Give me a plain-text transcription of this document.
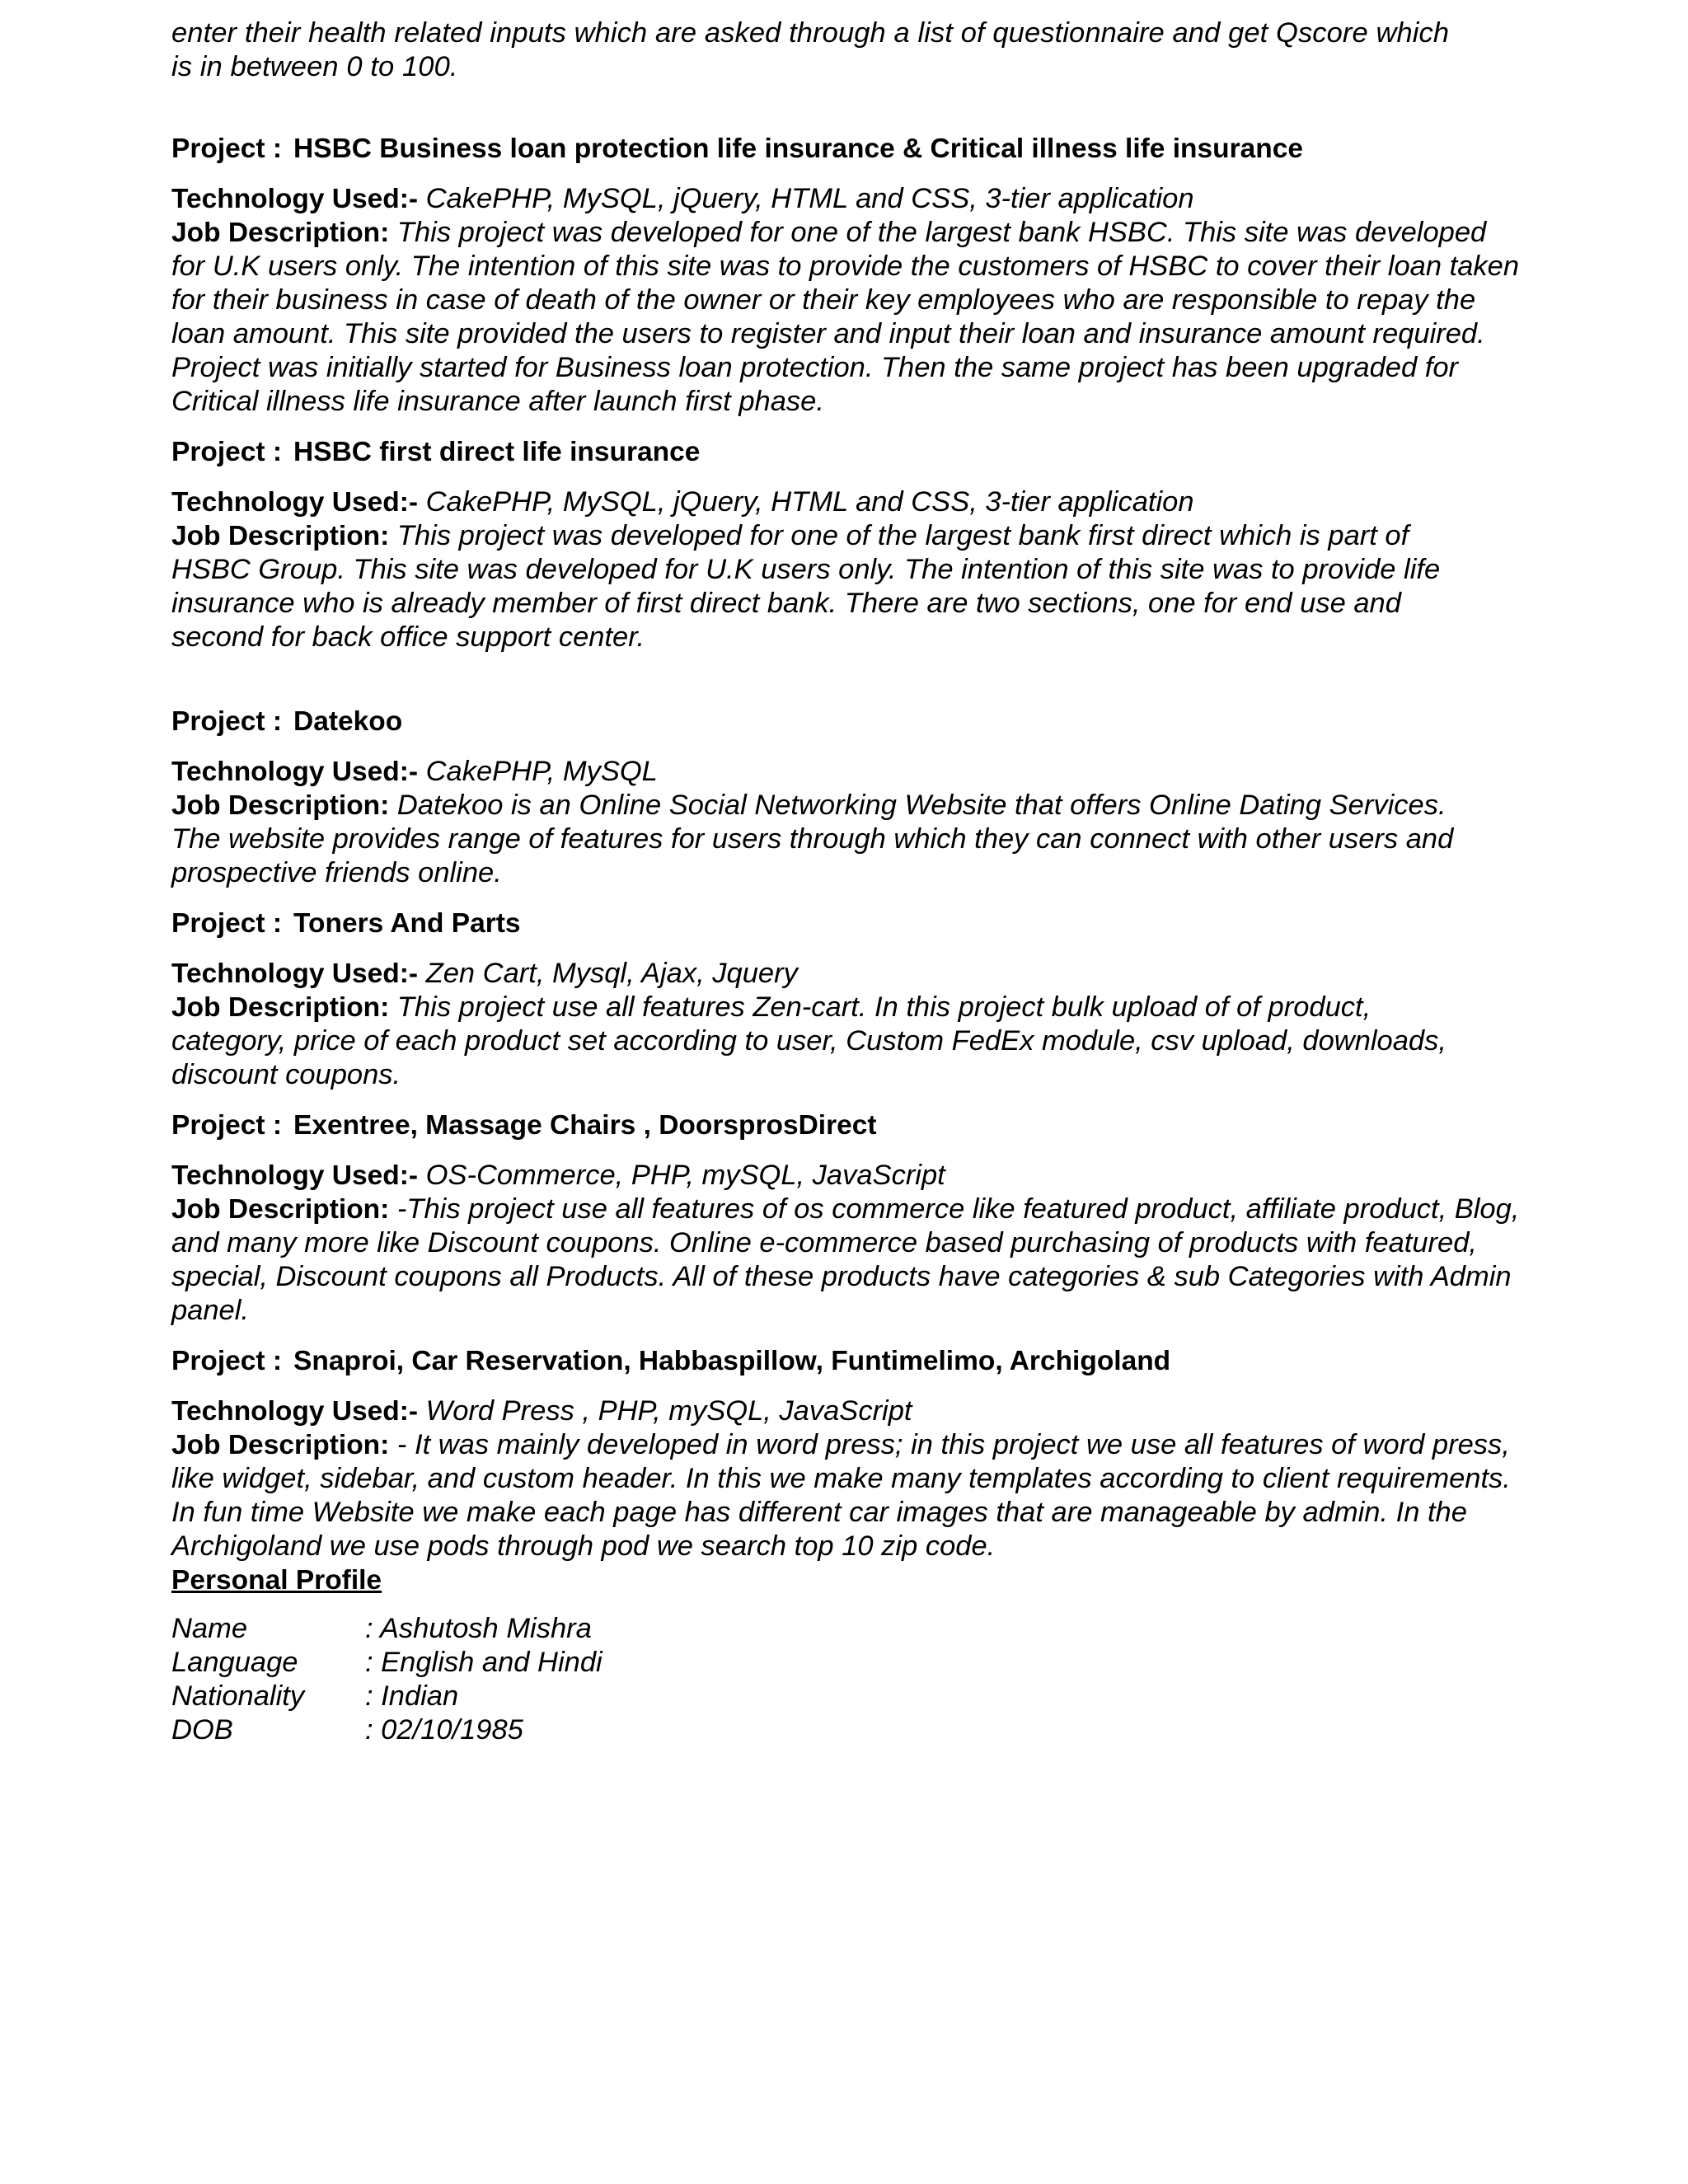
enter their health related inputs which are asked through a list of questionnaire and get Qscore which is in between 0 to 100.

Project : HSBC Business loan protection life insurance & Critical illness life insurance

Technology Used:- CakePHP, MySQL, jQuery, HTML and CSS, 3-tier application

Job Description: This project was developed for one of the largest bank HSBC. This site was developed for U.K users only. The intention of this site was to provide the customers of HSBC to cover their loan taken for their business in case of death of the owner or their key employees who are responsible to repay the loan amount. This site provided the users to register and input their loan and insurance amount required. Project was initially started for Business loan protection. Then the same project has been upgraded for Critical illness life insurance after launch first phase.

Project : HSBC first direct life insurance

Technology Used:- CakePHP, MySQL, jQuery, HTML and CSS, 3-tier application

Job Description: This project was developed for one of the largest bank first direct which is part of HSBC Group. This site was developed for U.K users only. The intention of this site was to provide life insurance who is already member of first direct bank. There are two sections, one for end use and second for back office support center.

Project : Datekoo

Technology Used:- CakePHP, MySQL

Job Description: Datekoo is an Online Social Networking Website that offers Online Dating Services. The website provides range of features for users through which they can connect with other users and prospective friends online.

Project : Toners And Parts

Technology Used:- Zen Cart, Mysql, Ajax, Jquery

Job Description: This project use all features Zen-cart. In this project bulk upload of of product, category, price of each product set according to user, Custom FedEx module, csv upload, downloads, discount coupons.

Project : Exentree, Massage Chairs , DoorsprosDirect

Technology Used:- OS-Commerce, PHP, mySQL, JavaScript

Job Description: -This project use all features of os commerce like featured product, affiliate product, Blog, and many more like Discount coupons. Online e-commerce based purchasing of products with featured, special, Discount coupons all Products. All of these products have categories & sub Categories with Admin panel.

Project : Snaproi, Car Reservation, Habbaspillow, Funtimelimo, Archigoland

Technology Used:- Word Press , PHP, mySQL, JavaScript

Job Description: - It was mainly developed in word press; in this project we use all features of word press, like widget, sidebar, and custom header. In this we make many templates according to client requirements. In fun time Website we make each page has different car images that are manageable by admin. In the Archigoland we use pods through pod we search top 10 zip code.

Personal Profile

Name	: Ashutosh Mishra
Language	: English and Hindi
Nationality	: Indian
DOB	: 02/10/1985
